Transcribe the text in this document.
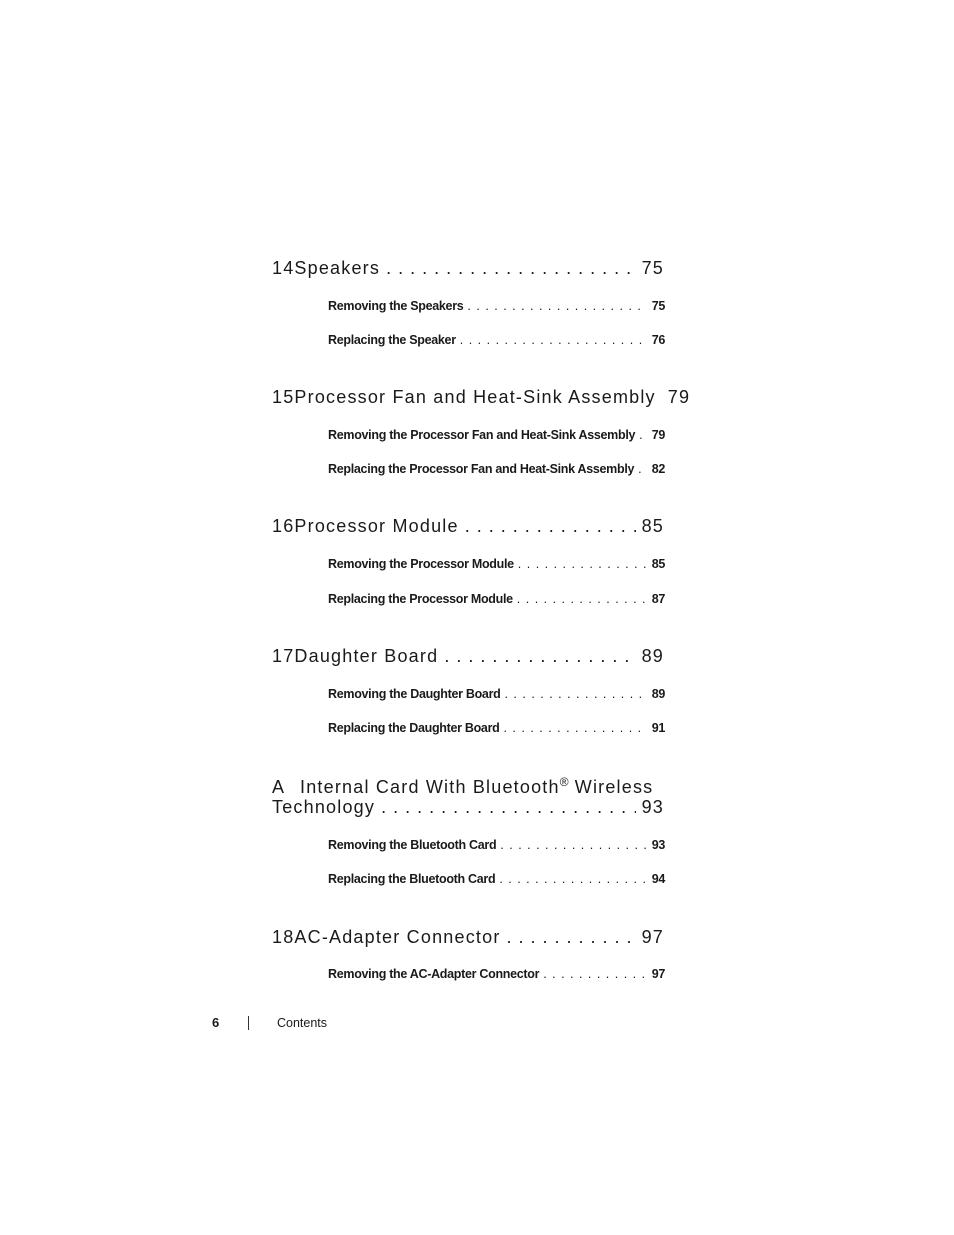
14 Speakers . . .	75
Removing the Speakers . . .	75
Replacing the Speaker . . .	76
15 Processor Fan and Heat-Sink Assembly 79
Removing the Processor Fan and Heat-Sink Assembly . . . 79
Replacing the Processor Fan and Heat-Sink Assembly . . . 82
16 Processor Module . . .	85
Removing the Processor Module . . .	85
Replacing the Processor Module . . .	87
17 Daughter Board . . .	89
Removing the Daughter Board . . .	89
Replacing the Daughter Board . . .	91
A Internal Card With Bluetooth® Wireless
Technology . . .	93
Removing the Bluetooth Card . . .	93
Replacing the Bluetooth Card . . .	94
18 AC-Adapter Connector . . .	97
Removing the AC-Adapter Connector . . .	97
6	Contents
